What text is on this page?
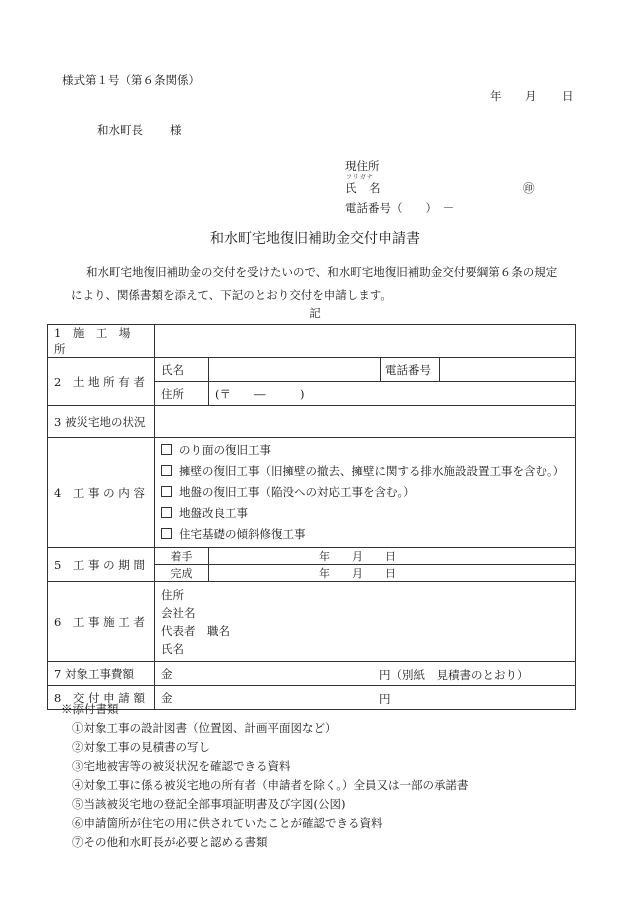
様式第１号（第６条関係）
年 月 日
和水町長 様
現住所
フリガナ
氏 名	㊞
電話番号（　　）　－
和水町宅地復旧補助金交付申請書
和水町宅地復旧補助金の交付を受けたいので、和水町宅地復旧補助金交付要綱第６条の規定
により、関係書類を添えて、下記のとおり交付を申請します。
記
1　施　工　場　所				
2　土 地 所 有 者	氏名		電話番号	
	住所	(〒　　―　　　)		
3 被災宅地の状況				
4　工 事 の 内 容	のり面の復旧工事
擁壁の復旧工事（旧擁壁の撤去、擁壁に関する排水施設設置工事を含む。）
地盤の復旧工事（陥没への対応工事を含む。）
地盤改良工事
住宅基礎の傾斜修復工事			

5　工 事 の 期 間	着手	年　　月　　日		
	完成	年　　月　　日		
6　工 事 施 工 者	住所
会社名
代表者　職名
氏名			

7 対象工事費額	金 円（別紙　見積書のとおり）			

8　交 付 申 請 額	金 円			
※添付書類
①対象工事の設計図書（位置図、計画平面図など）
②対象工事の見積書の写し
③宅地被害等の被災状況を確認できる資料
④対象工事に係る被災宅地の所有者（申請者を除く。）全員又は一部の承諾書
⑤当該被災宅地の登記全部事項証明書及び字図(公図)
⑥申請箇所が住宅の用に供されていたことが確認できる資料
⑦その他和水町長が必要と認める書類
